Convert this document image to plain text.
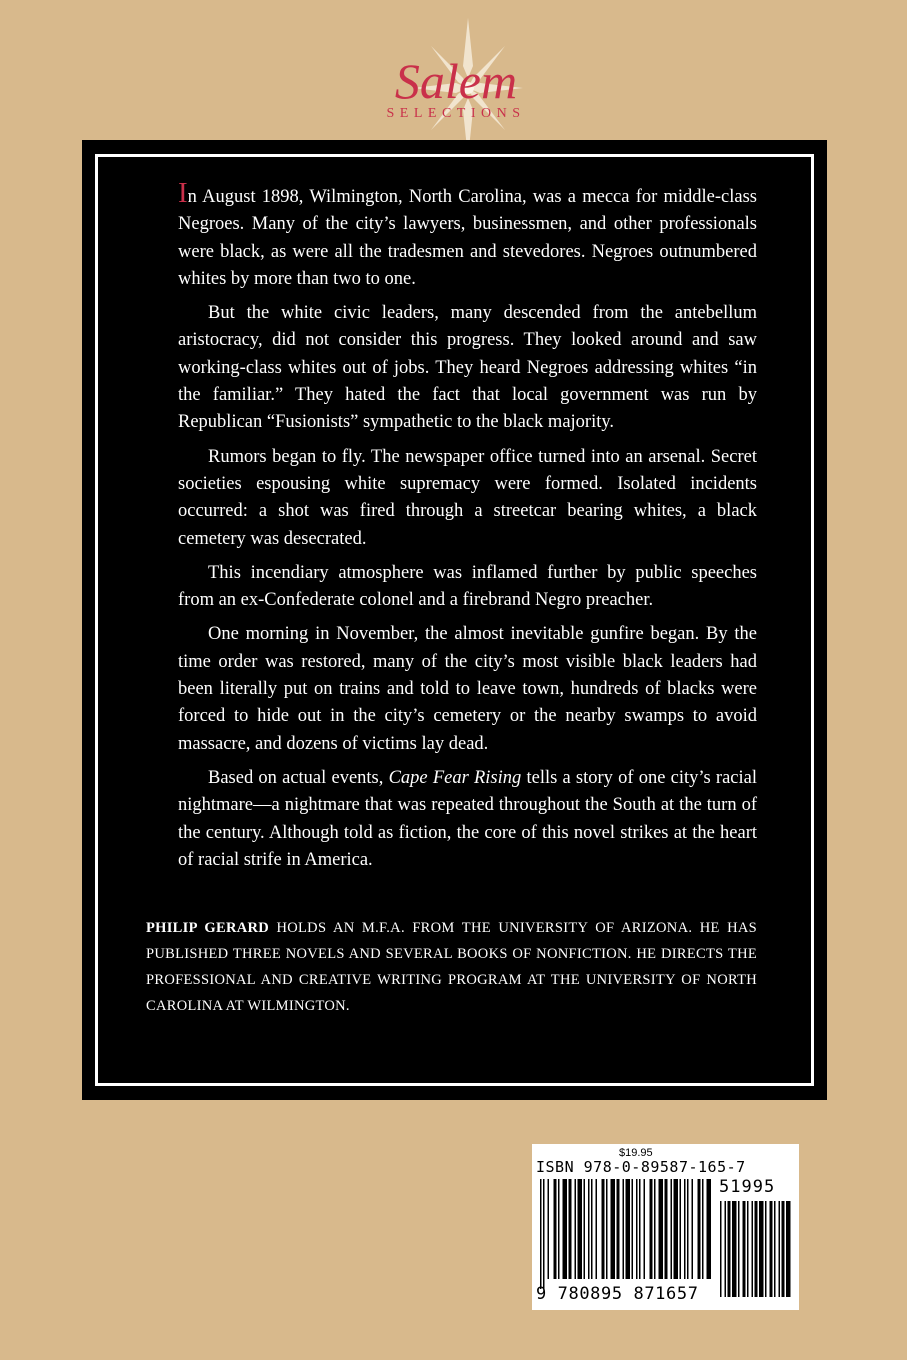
Salem
SELECTIONS

In August 1898, Wilmington, North Carolina, was a mecca for middle-class Negroes. Many of the city’s lawyers, businessmen, and other professionals were black, as were all the tradesmen and stevedores. Negroes outnumbered whites by more than two to one.

But the white civic leaders, many descended from the antebellum aristocracy, did not consider this progress. They looked around and saw working-class whites out of jobs. They heard Negroes addressing whites “in the familiar.” They hated the fact that local government was run by Republican “Fusionists” sympathetic to the black majority.

Rumors began to fly. The newspaper office turned into an arsenal. Secret societies espousing white supremacy were formed. Isolated incidents occurred: a shot was fired through a streetcar bearing whites, a black cemetery was desecrated.

This incendiary atmosphere was inflamed further by public speeches from an ex-Confederate colonel and a firebrand Negro preacher.

One morning in November, the almost inevitable gunfire began. By the time order was restored, many of the city’s most visible black leaders had been literally put on trains and told to leave town, hundreds of blacks were forced to hide out in the city’s cemetery or the nearby swamps to avoid massacre, and dozens of victims lay dead.

Based on actual events, Cape Fear Rising tells a story of one city’s racial nightmare—a nightmare that was repeated throughout the South at the turn of the century. Although told as fiction, the core of this novel strikes at the heart of racial strife in America.

PHILIP GERARD HOLDS AN M.F.A. FROM THE UNIVERSITY OF ARIZONA. HE HAS PUBLISHED THREE NOVELS AND SEVERAL BOOKS OF NONFICTION. HE DIRECTS THE PROFESSIONAL AND CREATIVE WRITING PROGRAM AT THE UNIVERSITY OF NORTH CAROLINA AT WILMINGTON.
$19.95
ISBN 978-0-89587-165-7
51995
9 780895 871657
